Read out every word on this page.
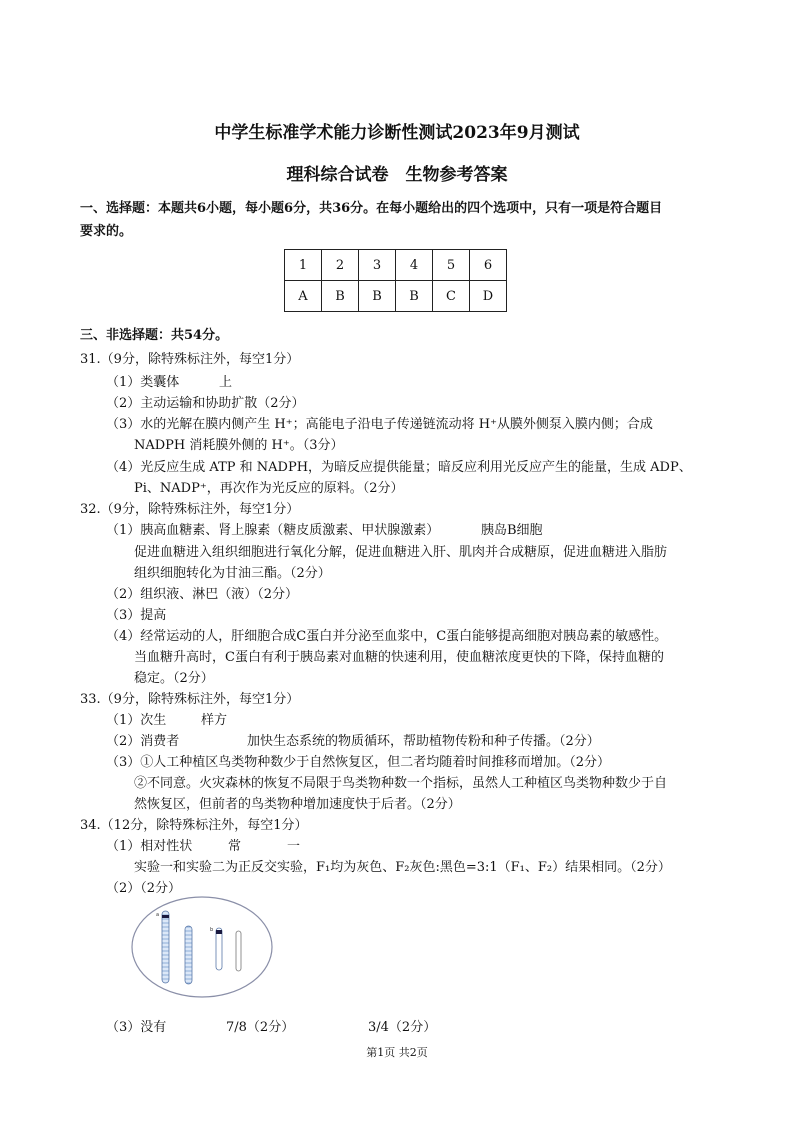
中学生标准学术能力诊断性测试2023年9月测试
理科综合试卷　生物参考答案
一、选择题：本题共6小题，每小题6分，共36分。在每小题给出的四个选项中，只有一项是符合题目
要求的。
1	2	3	4	5	6
A	B	B	B	C	D
三、非选择题：共54分。
31.（9分，除特殊标注外，每空1分）
（1）类囊体	上
（2）主动运输和协助扩散（2分）
（3）水的光解在膜内侧产生 H⁺；高能电子沿电子传递链流动将 H⁺从膜外侧泵入膜内侧；合成
NADPH 消耗膜外侧的 H⁺。（3分）
（4）光反应生成 ATP 和 NADPH，为暗反应提供能量；暗反应利用光反应产生的能量，生成 ADP、
Pi、NADP⁺，再次作为光反应的原料。（2分）
32.（9分，除特殊标注外，每空1分）
（1）胰高血糖素、肾上腺素（糖皮质激素、甲状腺激素）	胰岛B细胞
促进血糖进入组织细胞进行氧化分解，促进血糖进入肝、肌肉并合成糖原，促进血糖进入脂肪
组织细胞转化为甘油三酯。（2分）
（2）组织液、淋巴（液）（2分）
（3）提高
（4）经常运动的人，肝细胞合成C蛋白并分泌至血浆中，C蛋白能够提高细胞对胰岛素的敏感性。
当血糖升高时，C蛋白有利于胰岛素对血糖的快速利用，使血糖浓度更快的下降，保持血糖的
稳定。（2分）
33.（9分，除特殊标注外，每空1分）
（1）次生	样方
（2）消费者	加快生态系统的物质循环，帮助植物传粉和种子传播。（2分）
（3）①人工种植区鸟类物种数少于自然恢复区，但二者均随着时间推移而增加。（2分）
②不同意。火灾森林的恢复不局限于鸟类物种数一个指标，虽然人工种植区鸟类物种数少于自
然恢复区，但前者的鸟类物种增加速度快于后者。（2分）
34.（12分，除特殊标注外，每空1分）
（1）相对性状	常	一
实验一和实验二为正反交实验，F₁均为灰色、F₂灰色:黑色=3:1（F₁、F₂）结果相同。（2分）
（2）（2分）
a
b
（3）没有	7/8（2分）	3/4（2分）
第1页 共2页
